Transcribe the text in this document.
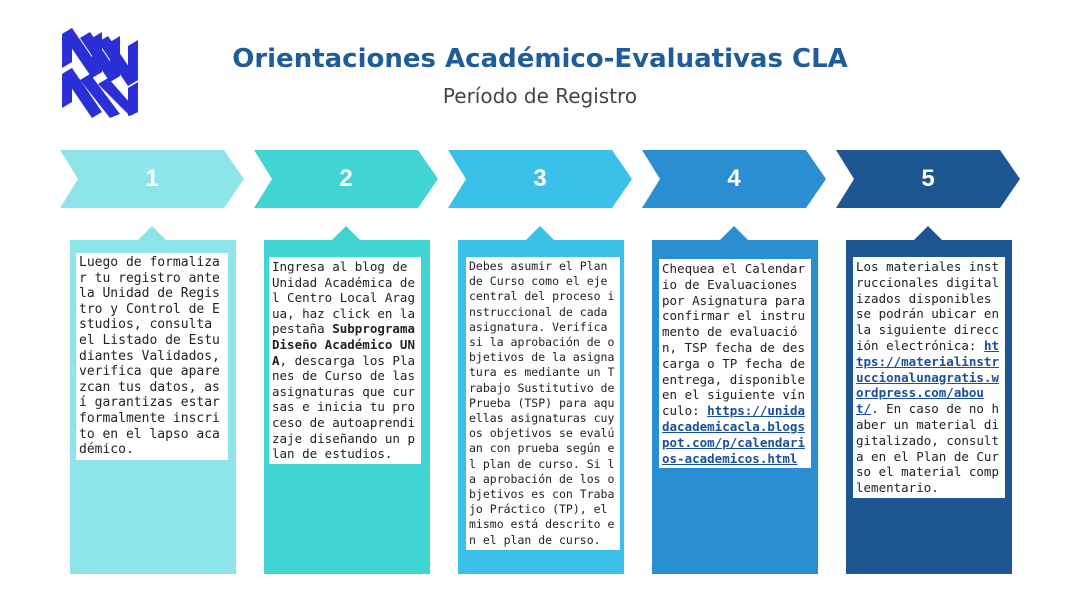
Orientaciones Académico-Evaluativas CLA
Período de Registro
1	2	3	4	5
Luego de formalizar tu registro ante la Unidad de Registro y Control de Estudios, consulta el Listado de Estudiantes Validados, verifica que aparezcan tus datos, así garantizas estar formalmente inscrito en el lapso académico.
Ingresa al blog de Unidad Académica del Centro Local Aragua, haz click en la pestaña Subprograma Diseño Académico UNA, descarga los Planes de Curso de las asignaturas que cursas e inicia tu proceso de autoaprendizaje diseñando un plan de estudios.
Debes asumir el Plan de Curso como el eje central del proceso instruccional de cada asignatura. Verifica si la aprobación de objetivos de la asignatura es mediante un Trabajo Sustitutivo de Prueba (TSP) para aquellas asignaturas cuyos objetivos se evalúan con prueba según el plan de curso. Si la aprobación de los objetivos es con Trabajo Práctico (TP), el mismo está descrito en el plan de curso.
Chequea el Calendario de Evaluaciones por Asignatura para confirmar el instrumento de evaluación, TSP fecha de descarga o TP fecha de entrega, disponible en el siguiente vínculo: https://unidadacademicacla.blogspot.com/p/calendarios-academicos.html
Los materiales instruccionales digitalizados disponibles se podrán ubicar en la siguiente dirección electrónica: https://materialinstruccionalunagratis.wordpress.com/about/. En caso de no haber un material digitalizado, consulta en el Plan de Curso el material complementario.
